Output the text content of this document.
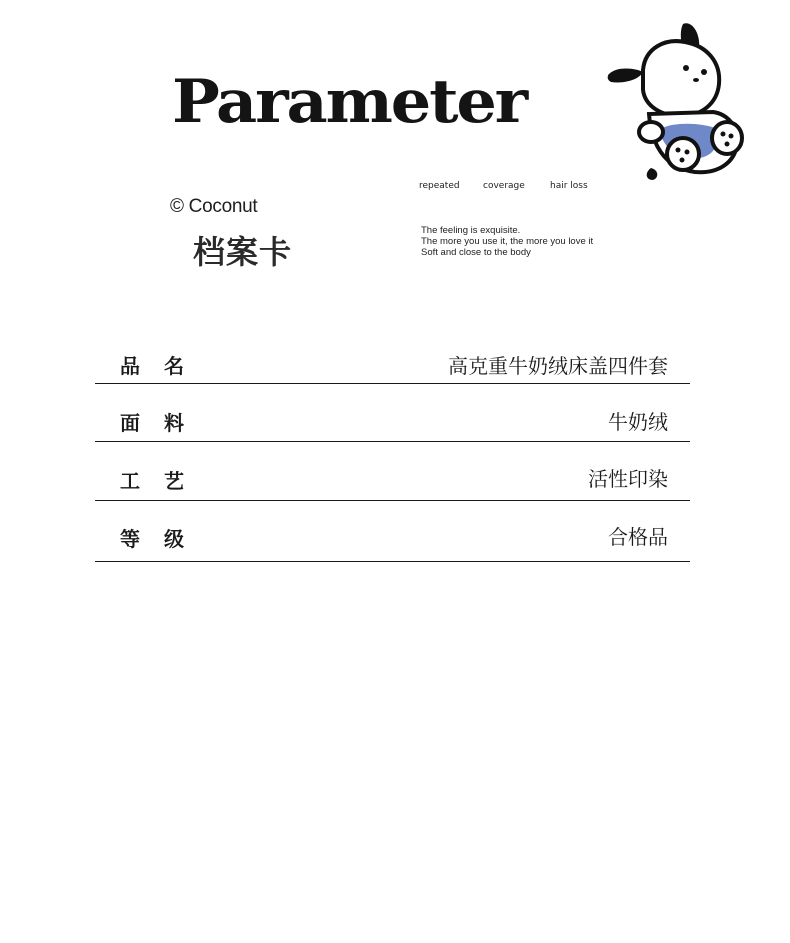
Parameter
repeated	coverage	hair loss
© Coconut
档案卡
The feeling is exquisite.
The more you use it, the more you love it
Soft and close to the body
品名	高克重牛奶绒床盖四件套
面料	牛奶绒
工艺	活性印染
等级	合格品
